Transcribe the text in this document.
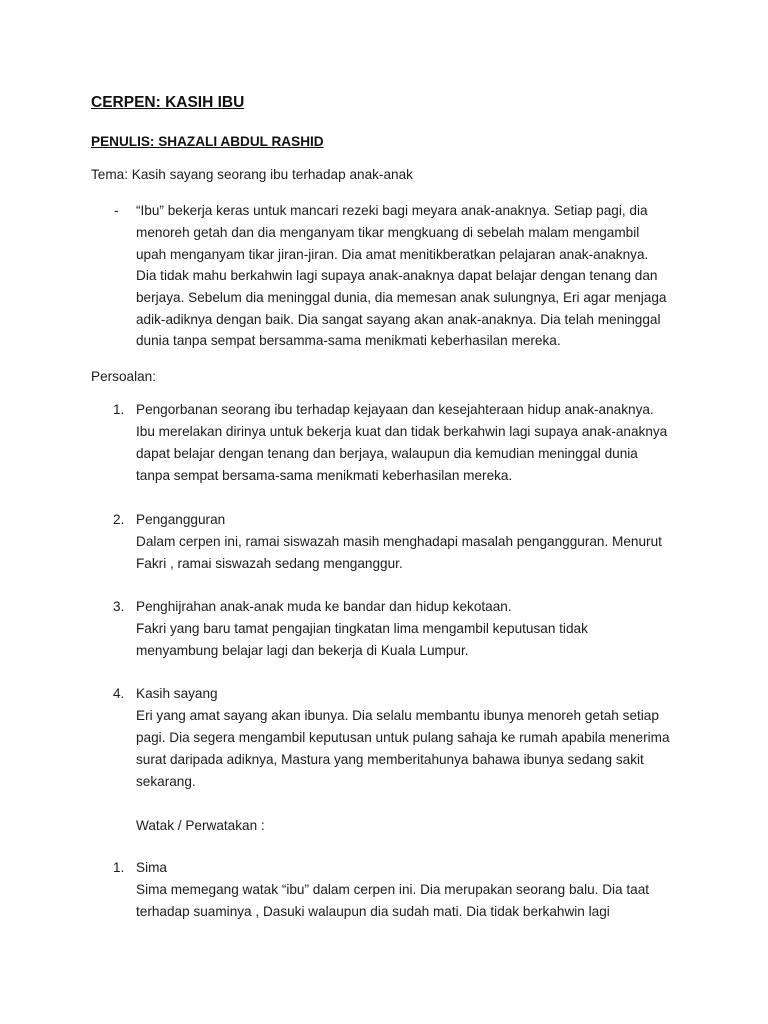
CERPEN: KASIH IBU
PENULIS: SHAZALI ABDUL RASHID
Tema: Kasih sayang seorang ibu terhadap anak-anak
- “Ibu” bekerja keras untuk mancari rezeki bagi meyara anak-anaknya. Setiap pagi, dia
menoreh getah dan dia menganyam tikar mengkuang di sebelah malam mengambil
upah menganyam tikar jiran-jiran. Dia amat menitikberatkan pelajaran anak-anaknya.
Dia tidak mahu berkahwin lagi supaya anak-anaknya dapat belajar dengan tenang dan
berjaya. Sebelum dia meninggal dunia, dia memesan anak sulungnya, Eri agar menjaga
adik-adiknya dengan baik. Dia sangat sayang akan anak-anaknya. Dia telah meninggal
dunia tanpa sempat bersamma-sama menikmati keberhasilan mereka.
Persoalan:
1. Pengorbanan seorang ibu terhadap kejayaan dan kesejahteraan hidup anak-anaknya.
Ibu merelakan dirinya untuk bekerja kuat dan tidak berkahwin lagi supaya anak-anaknya
dapat belajar dengan tenang dan berjaya, walaupun dia kemudian meninggal dunia
tanpa sempat bersama-sama menikmati keberhasilan mereka.
2. Pengangguran
Dalam cerpen ini, ramai siswazah masih menghadapi masalah pengangguran. Menurut
Fakri , ramai siswazah sedang menganggur.
3. Penghijrahan anak-anak muda ke bandar dan hidup kekotaan.
Fakri yang baru tamat pengajian tingkatan lima mengambil keputusan tidak
menyambung belajar lagi dan bekerja di Kuala Lumpur.
4. Kasih sayang
Eri yang amat sayang akan ibunya. Dia selalu membantu ibunya menoreh getah setiap
pagi. Dia segera mengambil keputusan untuk pulang sahaja ke rumah apabila menerima
surat daripada adiknya, Mastura yang memberitahunya bahawa ibunya sedang sakit
sekarang.
Watak / Perwatakan :
1. Sima
Sima memegang watak “ibu” dalam cerpen ini. Dia merupakan seorang balu. Dia taat
terhadap suaminya , Dasuki walaupun dia sudah mati. Dia tidak berkahwin lagi
